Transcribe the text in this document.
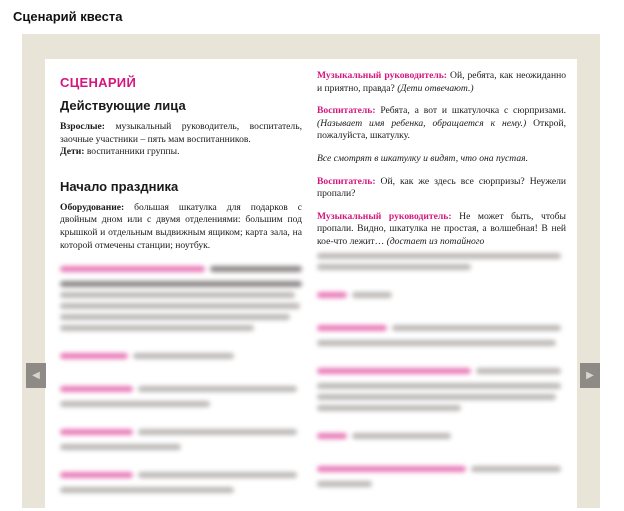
Сценарий квеста
СЦЕНАРИЙ
Действующие лица
Взрослые: музыкальный руководитель, воспитатель, заочные участники – пять мам воспитанников.
Дети: воспитанники группы.
Начало праздника
Оборудование: большая шкатулка для подарков с двойным дном или с двумя отделениями: большим под крышкой и отдельным выдвижным ящиком; карта зала, на которой отмечены станции; ноутбук.
Музыкальный руководитель: Ой, ребята, как неожиданно и приятно, правда? (Дети отвечают.)
Воспитатель: Ребята, а вот и шкатулочка с сюрпризами. (Называет имя ребенка, обращается к нему.) Открой, пожалуйста, шкатулку.
Все смотрят в шкатулку и видят, что она пустая.
Воспитатель: Ой, как же здесь все сюрпризы? Неужели пропали?
Музыкальный руководитель: Не может быть, чтобы пропали. Видно, шкатулка не простая, а волшебная! В ней кое-что лежит… (достает из потайного
◀	▶
